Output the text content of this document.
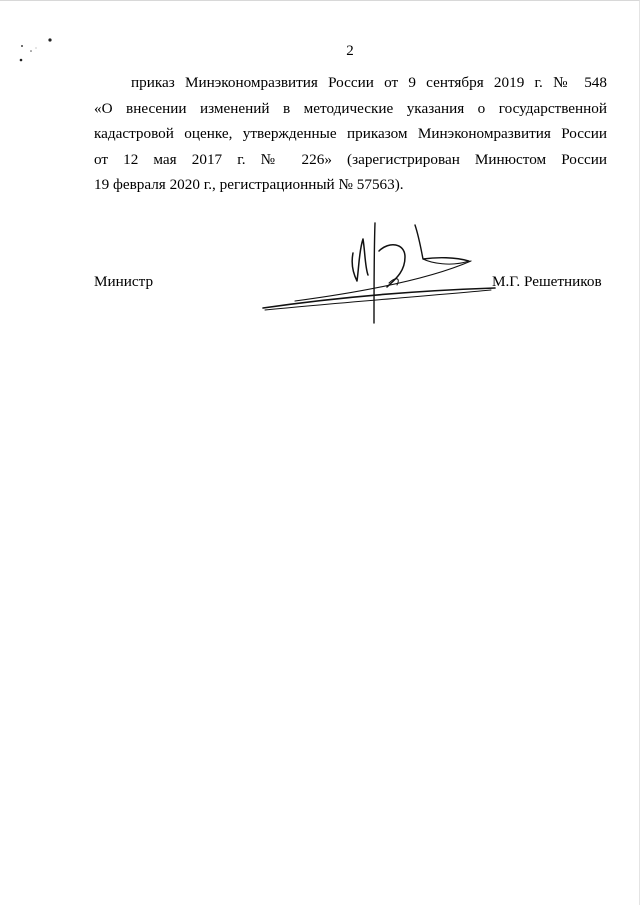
2
приказ Минэкономразвития России от 9 сентября 2019 г. № 548
«О внесении изменений в методические указания о государственной
кадастровой оценке, утвержденные приказом Минэкономразвития России
от 12 мая 2017 г. № 226» (зарегистрирован Минюстом России
19 февраля 2020 г., регистрационный № 57563).
Министр	М.Г. Решетников
